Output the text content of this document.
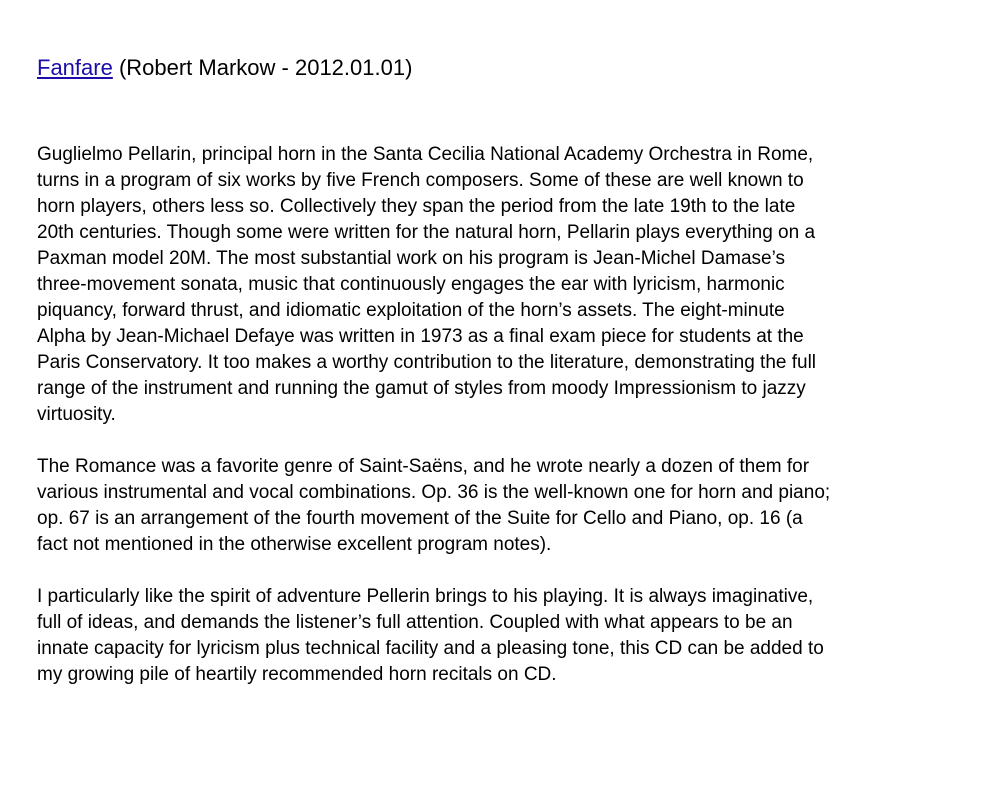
Fanfare (Robert Markow - 2012.01.01)

Guglielmo Pellarin, principal horn in the Santa Cecilia National Academy Orchestra in Rome, turns in a program of six works by five French composers. Some of these are well known to horn players, others less so. Collectively they span the period from the late 19th to the late 20th centuries. Though some were written for the natural horn, Pellarin plays everything on a Paxman model 20M. The most substantial work on his program is Jean-Michel Damase’s three-movement sonata, music that continuously engages the ear with lyricism, harmonic piquancy, forward thrust, and idiomatic exploitation of the horn’s assets. The eight-minute Alpha by Jean-Michael Defaye was written in 1973 as a final exam piece for students at the Paris Conservatory. It too makes a worthy contribution to the literature, demonstrating the full range of the instrument and running the gamut of styles from moody Impressionism to jazzy virtuosity.

The Romance was a favorite genre of Saint-Saëns, and he wrote nearly a dozen of them for various instrumental and vocal combinations. Op. 36 is the well-known one for horn and piano; op. 67 is an arrangement of the fourth movement of the Suite for Cello and Piano, op. 16 (a fact not mentioned in the otherwise excellent program notes).

I particularly like the spirit of adventure Pellerin brings to his playing. It is always imaginative, full of ideas, and demands the listener’s full attention. Coupled with what appears to be an innate capacity for lyricism plus technical facility and a pleasing tone, this CD can be added to my growing pile of heartily recommended horn recitals on CD.
